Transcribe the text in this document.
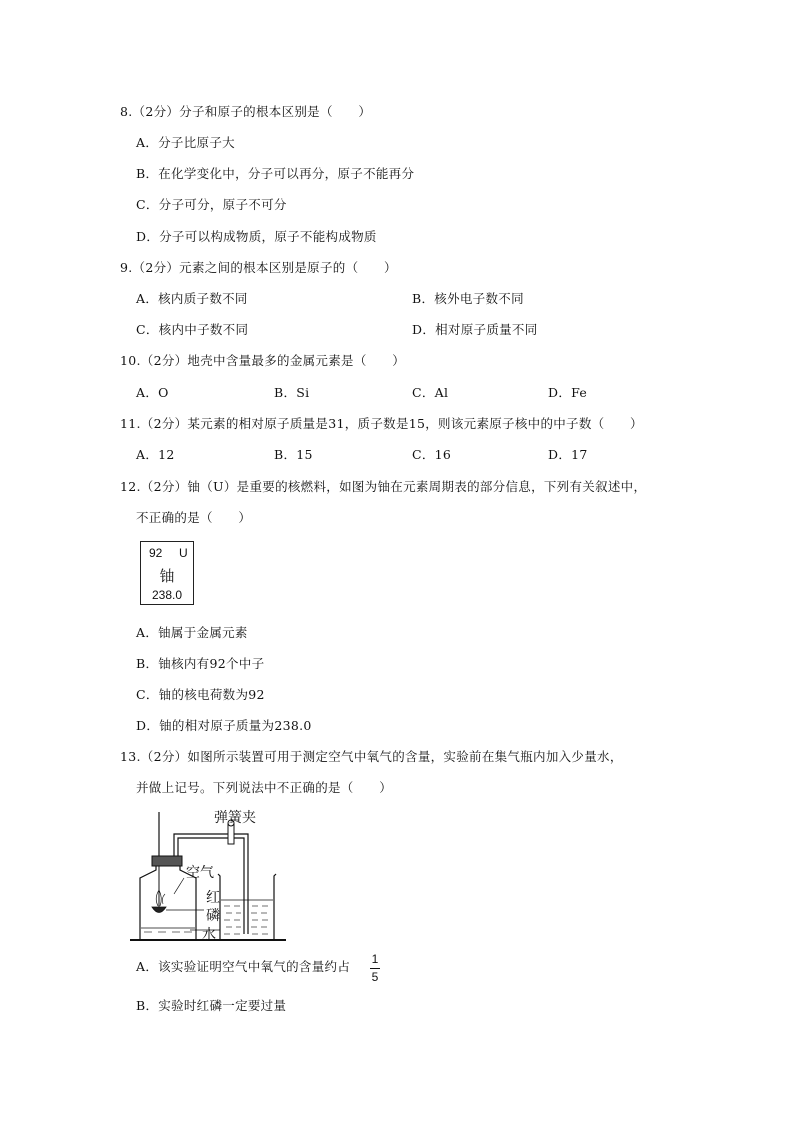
8.（2分）分子和原子的根本区别是（　　）
A．分子比原子大
B．在化学变化中，分子可以再分，原子不能再分
C．分子可分，原子不可分
D．分子可以构成物质，原子不能构成物质
9.（2分）元素之间的根本区别是原子的（　　）
A．核内质子数不同	B．核外电子数不同
C．核内中子数不同	D．相对原子质量不同
10.（2分）地壳中含量最多的金属元素是（　　）
A．O	B．Si	C．Al	D．Fe
11.（2分）某元素的相对原子质量是31，质子数是15，则该元素原子核中的中子数（　　）
A．12	B．15	C．16	D．17
12.（2分）铀（U）是重要的核燃料，如图为铀在元素周期表的部分信息，下列有关叙述中，
不正确的是（　　）
92 U
铀
238.0
A．铀属于金属元素
B．铀核内有92个中子
C．铀的核电荷数为92
D．铀的相对原子质量为238.0
13.（2分）如图所示装置可用于测定空气中氧气的含量，实验前在集气瓶内加入少量水，
并做上记号。下列说法中不正确的是（　　）
弹簧夹
空气
红
磷
水
A．该实验证明空气中氧气的含量约占 1
5
B．实验时红磷一定要过量
